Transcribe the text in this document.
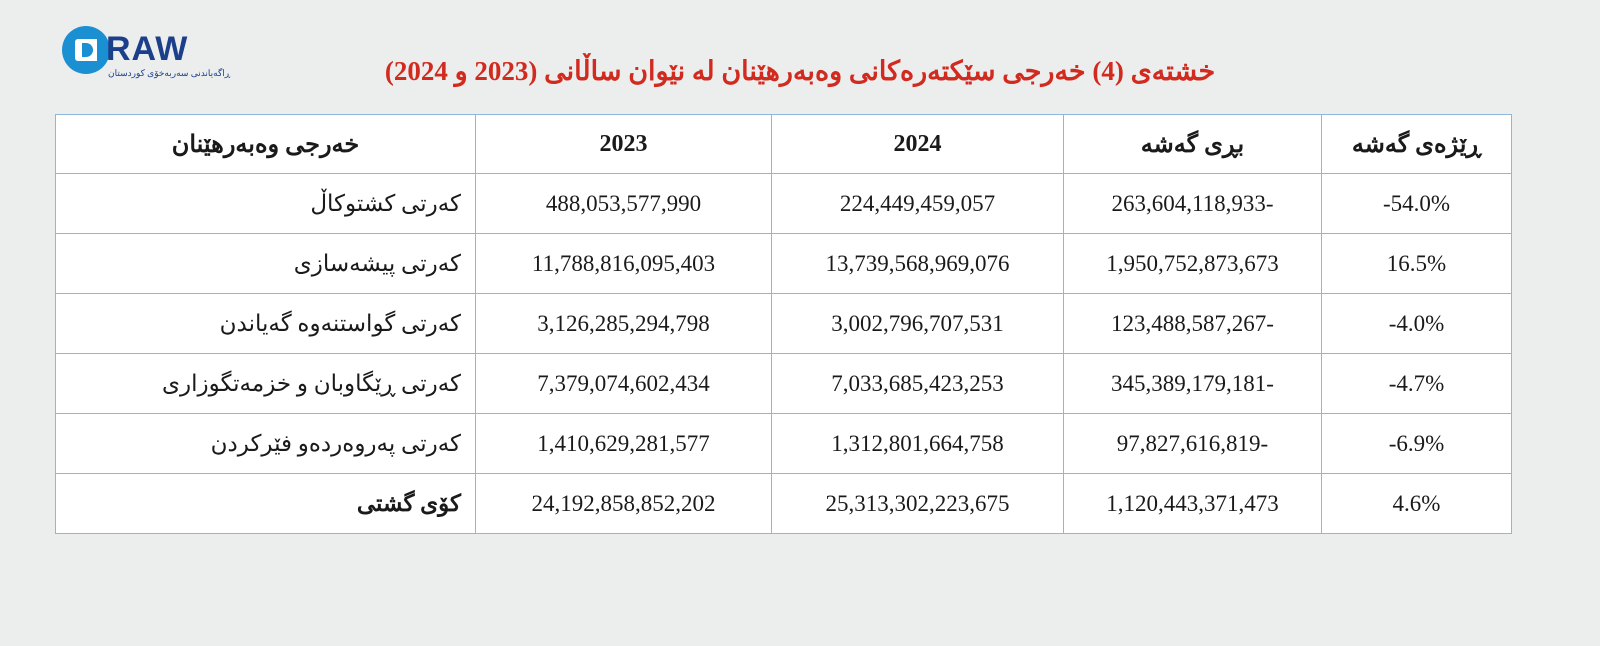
RAW
ڕاگەیاندنی سەربەخۆی کوردستان	خشتەی (4) خەرجی سێکتەرەکانی وەبەرهێنان لە نێوان ساڵانی (2023 و 2024)
ڕێژەی گەشە	بڕی گەشە	2024	2023	خەرجی وەبەرهێنان
-54.0%	263,604,118,933-	224,449,459,057	488,053,577,990	کەرتی کشتوکاڵ
16.5%	1,950,752,873,673	13,739,568,969,076	11,788,816,095,403	کەرتی پیشەسازی
-4.0%	123,488,587,267-	3,002,796,707,531	3,126,285,294,798	کەرتی گواستنەوە گەیاندن
-4.7%	345,389,179,181-	7,033,685,423,253	7,379,074,602,434	کەرتی ڕێگاوبان و خزمەتگوزاری
-6.9%	97,827,616,819-	1,312,801,664,758	1,410,629,281,577	کەرتی پەروەردەو فێرکردن
4.6%	1,120,443,371,473	25,313,302,223,675	24,192,858,852,202	کۆی گشتی
